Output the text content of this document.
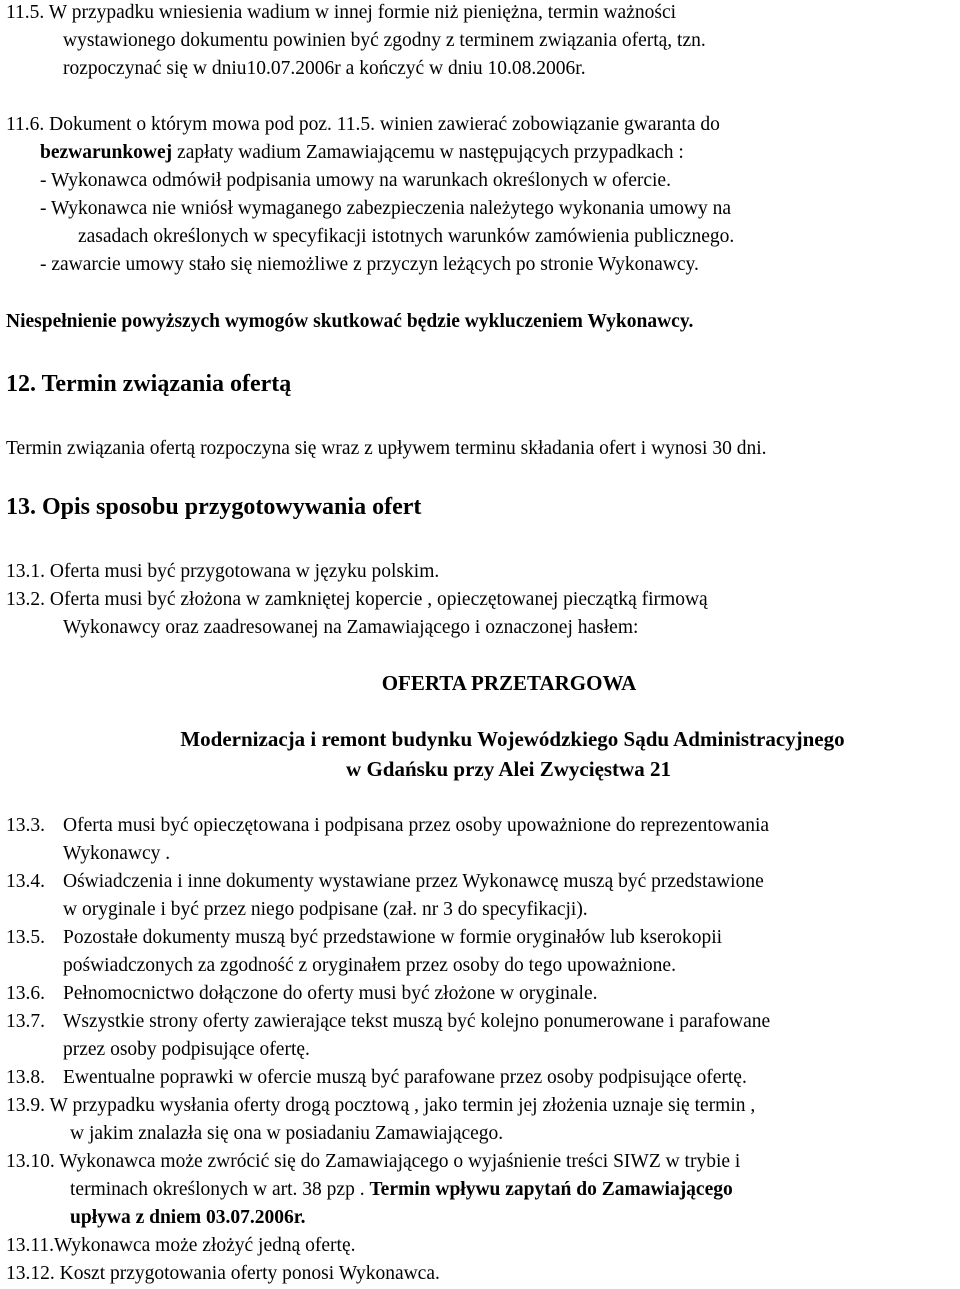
11.5. W przypadku wniesienia wadium w innej formie niż pieniężna, termin ważności
wystawionego dokumentu powinien być zgodny z terminem związania ofertą, tzn.
rozpoczynać się w dniu10.07.2006r a kończyć w dniu 10.08.2006r.
11.6. Dokument o którym mowa pod poz. 11.5. winien zawierać zobowiązanie gwaranta do
bezwarunkowej zapłaty wadium Zamawiającemu w następujących przypadkach :
- Wykonawca odmówił podpisania umowy na warunkach określonych w ofercie.
- Wykonawca nie wniósł wymaganego zabezpieczenia należytego wykonania umowy na
zasadach określonych w specyfikacji istotnych warunków zamówienia publicznego.
- zawarcie umowy stało się niemożliwe z przyczyn leżących po stronie Wykonawcy.
Niespełnienie powyższych wymogów skutkować będzie wykluczeniem Wykonawcy.
12. Termin związania ofertą
Termin związania ofertą rozpoczyna się wraz z upływem terminu składania ofert i wynosi 30 dni.
13. Opis sposobu przygotowywania ofert
13.1. Oferta musi być przygotowana w języku polskim.
13.2. Oferta musi być złożona w zamkniętej kopercie , opieczętowanej pieczątką firmową
Wykonawcy oraz zaadresowanej na Zamawiającego i oznaczonej hasłem:
OFERTA PRZETARGOWA
Modernizacja i remont budynku Wojewódzkiego Sądu Administracyjnego
w Gdańsku przy Alei Zwycięstwa 21
13.3. Oferta musi być opieczętowana i podpisana przez osoby upoważnione do reprezentowania
Wykonawcy .
13.4. Oświadczenia i inne dokumenty wystawiane przez Wykonawcę muszą być przedstawione
w oryginale i być przez niego podpisane (zał. nr 3 do specyfikacji).
13.5. Pozostałe dokumenty muszą być przedstawione w formie oryginałów lub kserokopii
poświadczonych za zgodność z oryginałem przez osoby do tego upoważnione.
13.6. Pełnomocnictwo dołączone do oferty musi być złożone w oryginale.
13.7. Wszystkie strony oferty zawierające tekst muszą być kolejno ponumerowane i parafowane
przez osoby podpisujące ofertę.
13.8. Ewentualne poprawki w ofercie muszą być parafowane przez osoby podpisujące ofertę.
13.9. W przypadku wysłania oferty drogą pocztową , jako termin jej złożenia uznaje się termin ,
w jakim znalazła się ona w posiadaniu Zamawiającego.
13.10. Wykonawca może zwrócić się do Zamawiającego o wyjaśnienie treści SIWZ w trybie i
terminach określonych w art. 38 pzp . Termin wpływu zapytań do Zamawiającego
upływa z dniem 03.07.2006r.
13.11.Wykonawca może złożyć jedną ofertę.
13.12. Koszt przygotowania oferty ponosi Wykonawca.
